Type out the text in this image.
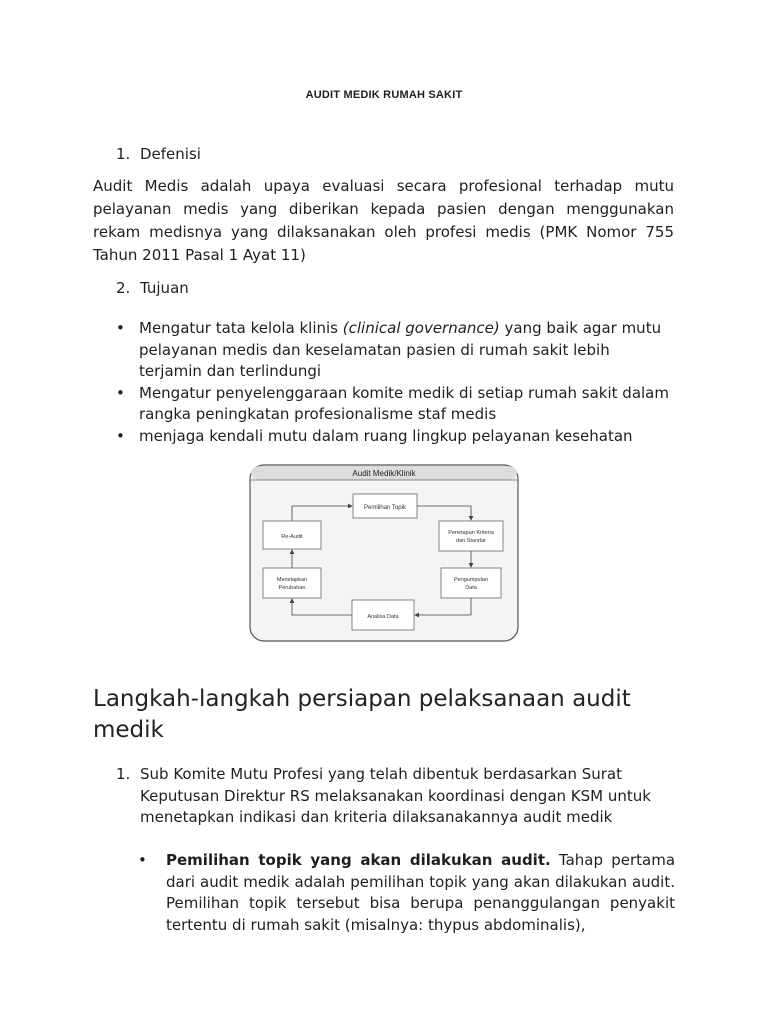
AUDIT MEDIK RUMAH SAKIT
1. Defenisi
Audit Medis adalah upaya evaluasi secara profesional terhadap mutu pelayanan medis yang diberikan kepada pasien dengan menggunakan rekam medisnya yang dilaksanakan oleh profesi medis (PMK Nomor 755 Tahun 2011 Pasal 1 Ayat 11)
2. Tujuan
• Mengatur tata kelola klinis (clinical governance) yang baik agar mutu pelayanan medis dan keselamatan pasien di rumah sakit lebih terjamin dan terlindungi
• Mengatur penyelenggaraan komite medik di setiap rumah sakit dalam rangka peningkatan profesionalisme staf medis
• menjaga kendali mutu dalam ruang lingkup pelayanan kesehatan
Audit Medik/Klinik
Pemilihan Topik
Penetapan Kriteria
dan Standar
Pengumpulan
Data
Analisa Data
Menetapkan
Perubahan
Re-Audit
Langkah-langkah persiapan pelaksanaan audit medik
1. Sub Komite Mutu Profesi yang telah dibentuk berdasarkan Surat Keputusan Direktur RS melaksanakan koordinasi dengan KSM untuk menetapkan indikasi dan kriteria dilaksanakannya audit medik
• Pemilihan topik yang akan dilakukan audit. Tahap pertama dari audit medik adalah pemilihan topik yang akan dilakukan audit. Pemilihan topik tersebut bisa berupa penanggulangan penyakit tertentu di rumah sakit (misalnya: thypus abdominalis),
